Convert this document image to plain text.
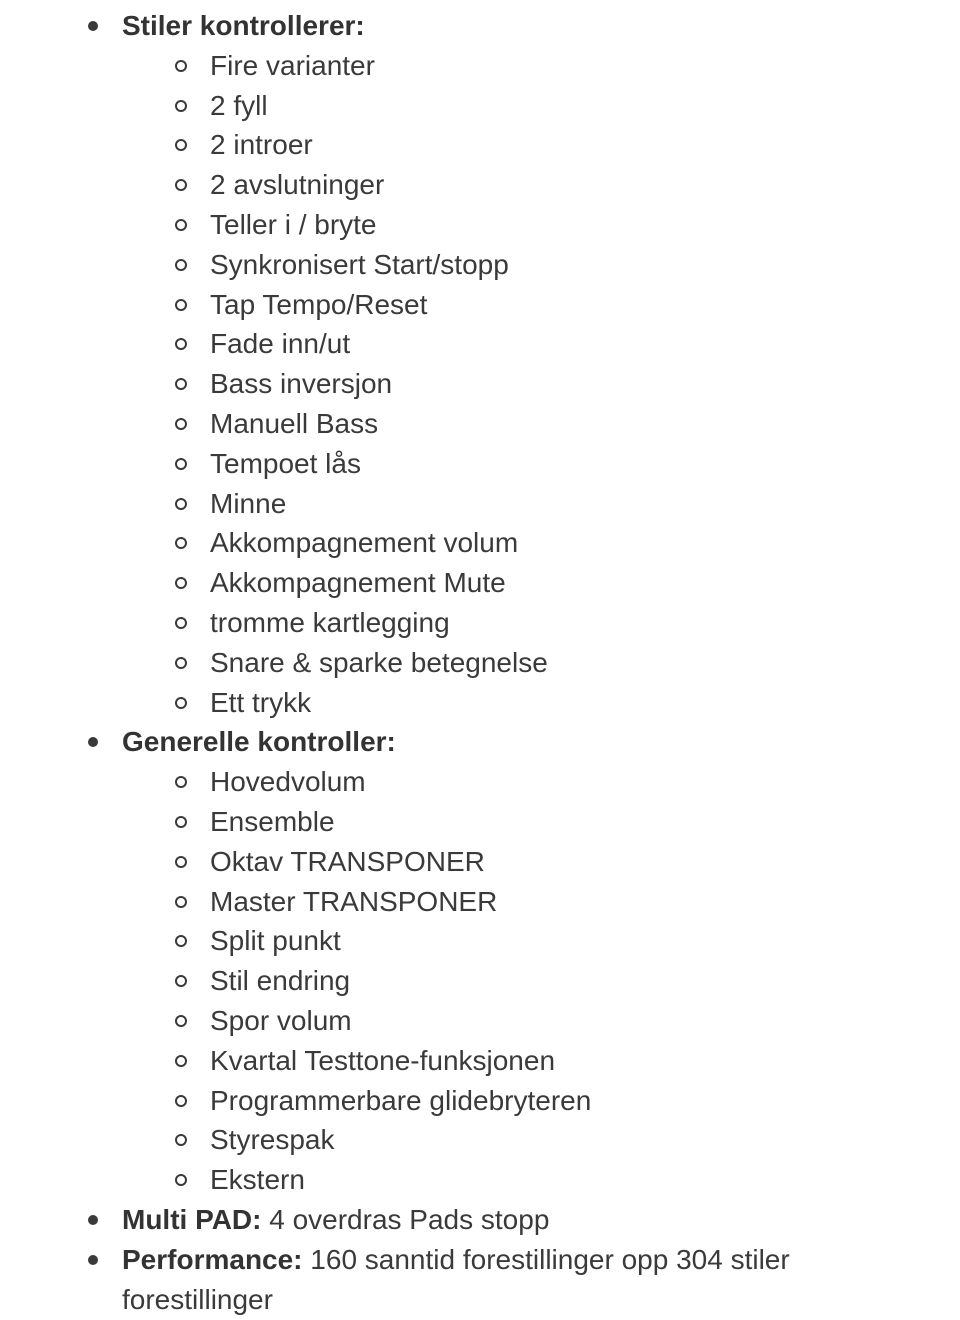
Stiler kontrollerer:
Fire varianter
2 fyll
2 introer
2 avslutninger
Teller i / bryte
Synkronisert Start/stopp
Tap Tempo/Reset
Fade inn/ut
Bass inversjon
Manuell Bass
Tempoet lås
Minne
Akkompagnement volum
Akkompagnement Mute
tromme kartlegging
Snare & sparke betegnelse
Ett trykk
Generelle kontroller:
Hovedvolum
Ensemble
Oktav TRANSPONER
Master TRANSPONER
Split punkt
Stil endring
Spor volum
Kvartal Testtone-funksjonen
Programmerbare glidebryteren
Styrespak
Ekstern
Multi PAD: 4 overdras Pads stopp
Performance: 160 sanntid forestillinger opp 304 stiler forestillinger
